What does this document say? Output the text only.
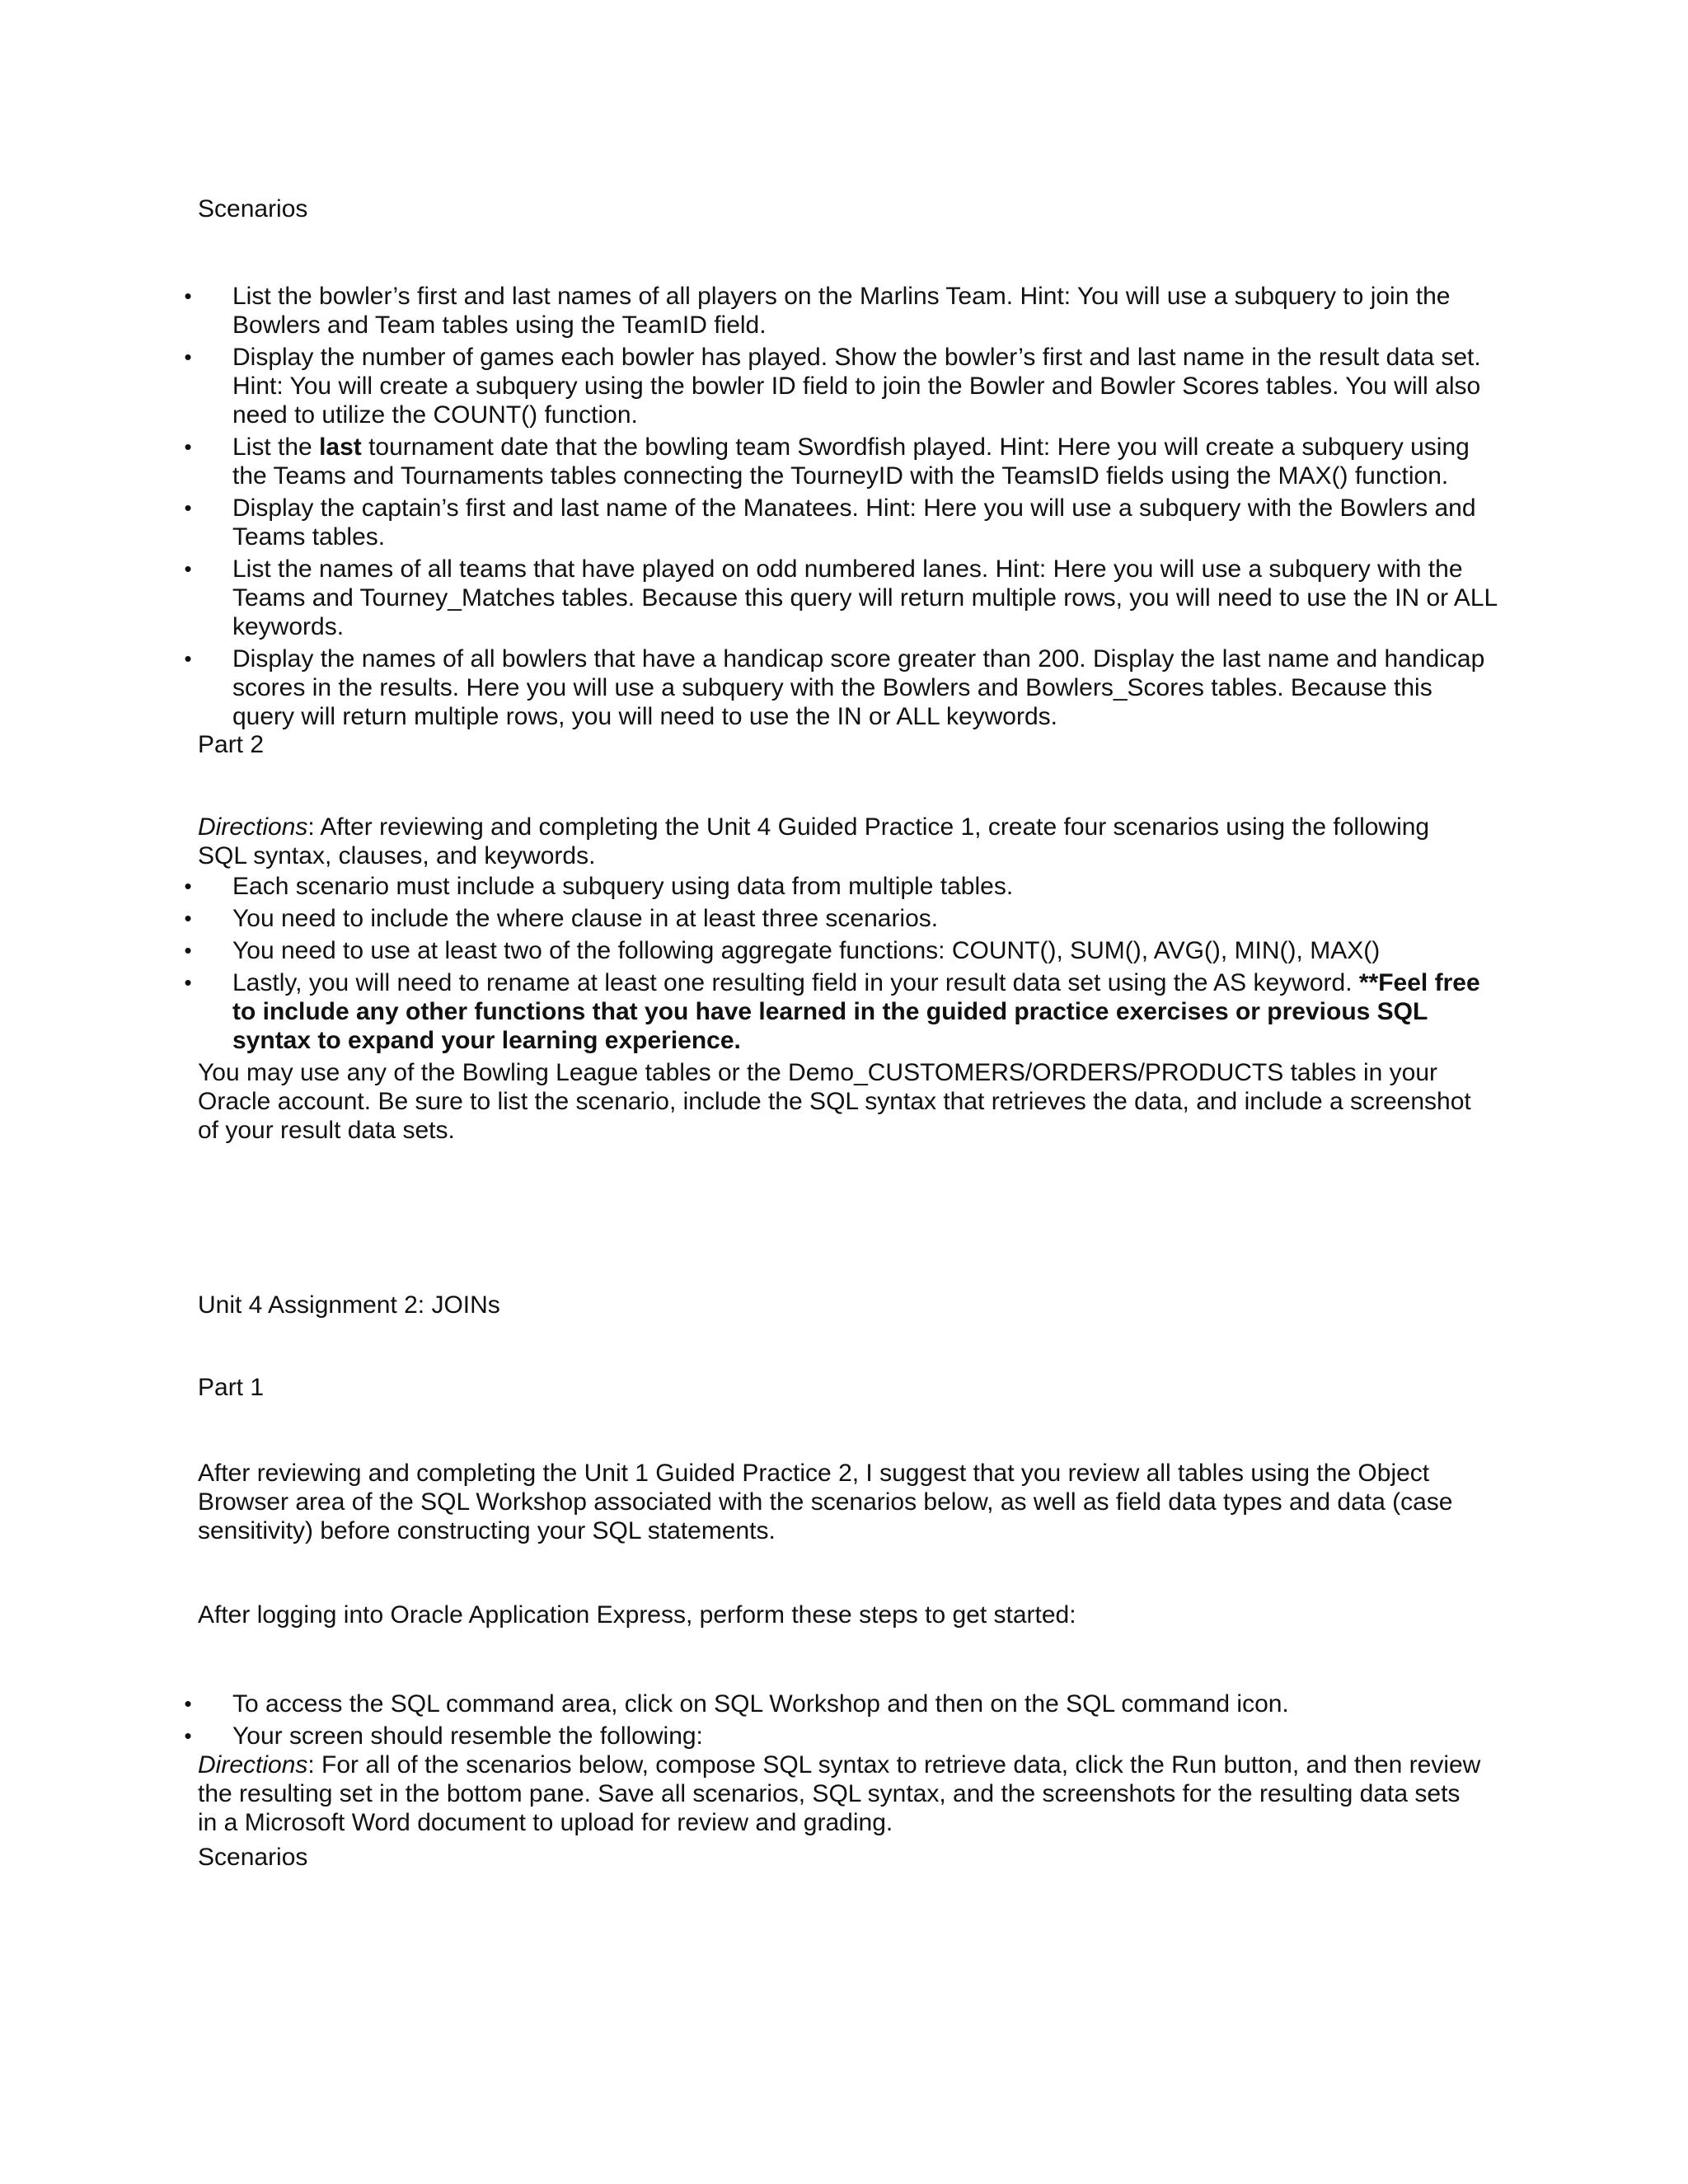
Scenarios

• List the bowler’s first and last names of all players on the Marlins Team. Hint: You will use a subquery to join the Bowlers and Team tables using the TeamID field.
• Display the number of games each bowler has played. Show the bowler’s first and last name in the result data set. Hint: You will create a subquery using the bowler ID field to join the Bowler and Bowler Scores tables. You will also need to utilize the COUNT() function.
• List the last tournament date that the bowling team Swordfish played. Hint: Here you will create a subquery using the Teams and Tournaments tables connecting the TourneyID with the TeamsID fields using the MAX() function.
• Display the captain’s first and last name of the Manatees. Hint: Here you will use a subquery with the Bowlers and Teams tables.
• List the names of all teams that have played on odd numbered lanes. Hint: Here you will use a subquery with the Teams and Tourney_Matches tables. Because this query will return multiple rows, you will need to use the IN or ALL keywords.
• Display the names of all bowlers that have a handicap score greater than 200. Display the last name and handicap scores in the results. Here you will use a subquery with the Bowlers and Bowlers_Scores tables. Because this query will return multiple rows, you will need to use the IN or ALL keywords.

Part 2

Directions: After reviewing and completing the Unit 4 Guided Practice 1, create four scenarios using the following SQL syntax, clauses, and keywords.

• Each scenario must include a subquery using data from multiple tables.
• You need to include the where clause in at least three scenarios.
• You need to use at least two of the following aggregate functions: COUNT(), SUM(), AVG(), MIN(), MAX()
• Lastly, you will need to rename at least one resulting field in your result data set using the AS keyword. **Feel free to include any other functions that you have learned in the guided practice exercises or previous SQL syntax to expand your learning experience.

You may use any of the Bowling League tables or the Demo_CUSTOMERS/ORDERS/PRODUCTS tables in your Oracle account. Be sure to list the scenario, include the SQL syntax that retrieves the data, and include a screenshot of your result data sets.

Unit 4 Assignment 2: JOINs

Part 1

After reviewing and completing the Unit 1 Guided Practice 2, I suggest that you review all tables using the Object Browser area of the SQL Workshop associated with the scenarios below, as well as field data types and data (case sensitivity) before constructing your SQL statements.

After logging into Oracle Application Express, perform these steps to get started:

• To access the SQL command area, click on SQL Workshop and then on the SQL command icon.
• Your screen should resemble the following:

Directions: For all of the scenarios below, compose SQL syntax to retrieve data, click the Run button, and then review the resulting set in the bottom pane. Save all scenarios, SQL syntax, and the screenshots for the resulting data sets in a Microsoft Word document to upload for review and grading.

Scenarios
